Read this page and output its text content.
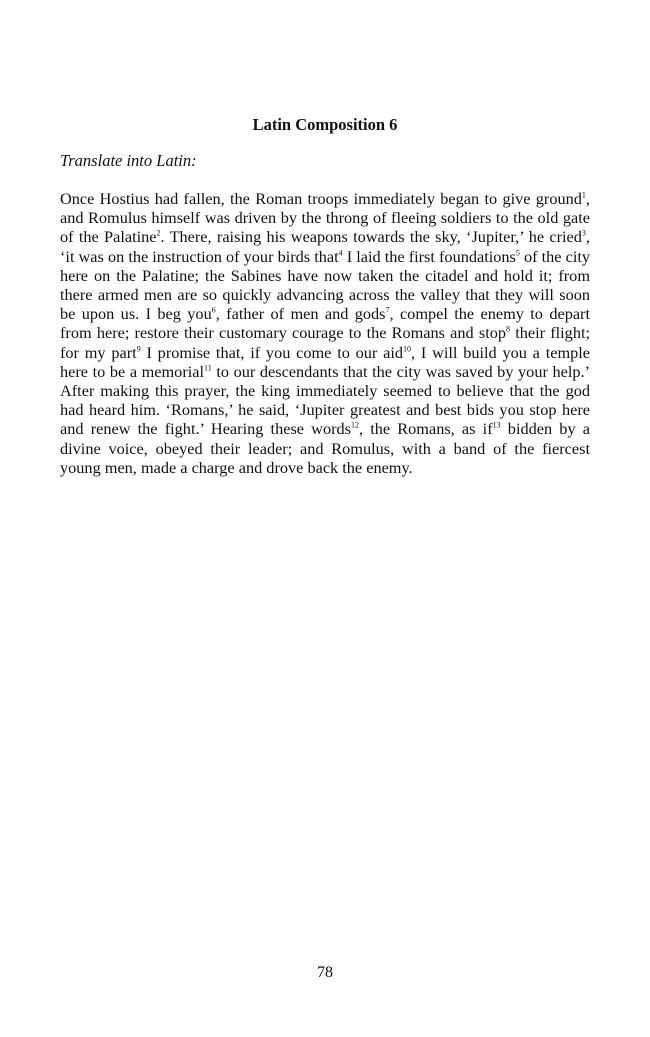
Latin Composition 6
Translate into Latin:

Once Hostius had fallen, the Roman troops immediately began to give ground$^1$, and Romulus himself was driven by the throng of fleeing soldiers to the old gate of the Palatine$^2$. There, raising his weapons towards the sky, ‘Jupiter,’ he cried$^3$, ‘it was on the instruction of your birds that$^4$ I laid the first foundations$^5$ of the city here on the Palatine; the Sabines have now taken the citadel and hold it; from there armed men are so quickly advancing across the valley that they will soon be upon us. I beg you$^6$, father of men and gods$^7$, compel the enemy to depart from here; restore their customary courage to the Romans and stop$^8$ their flight; for my part$^9$ I promise that, if you come to our aid$^{10}$, I will build you a temple here to be a memorial$^{11}$ to our descendants that the city was saved by your help.’ After making this prayer, the king immediately seemed to believe that the god had heard him. ‘Romans,’ he said, ‘Jupiter greatest and best bids you stop here and renew the fight.’ Hearing these words$^{12}$, the Romans, as $if^{13}$ bidden by a divine voice, obeyed their leader; and Romulus, with a band of the fiercest young men, made a charge and drove back the enemy.

78
